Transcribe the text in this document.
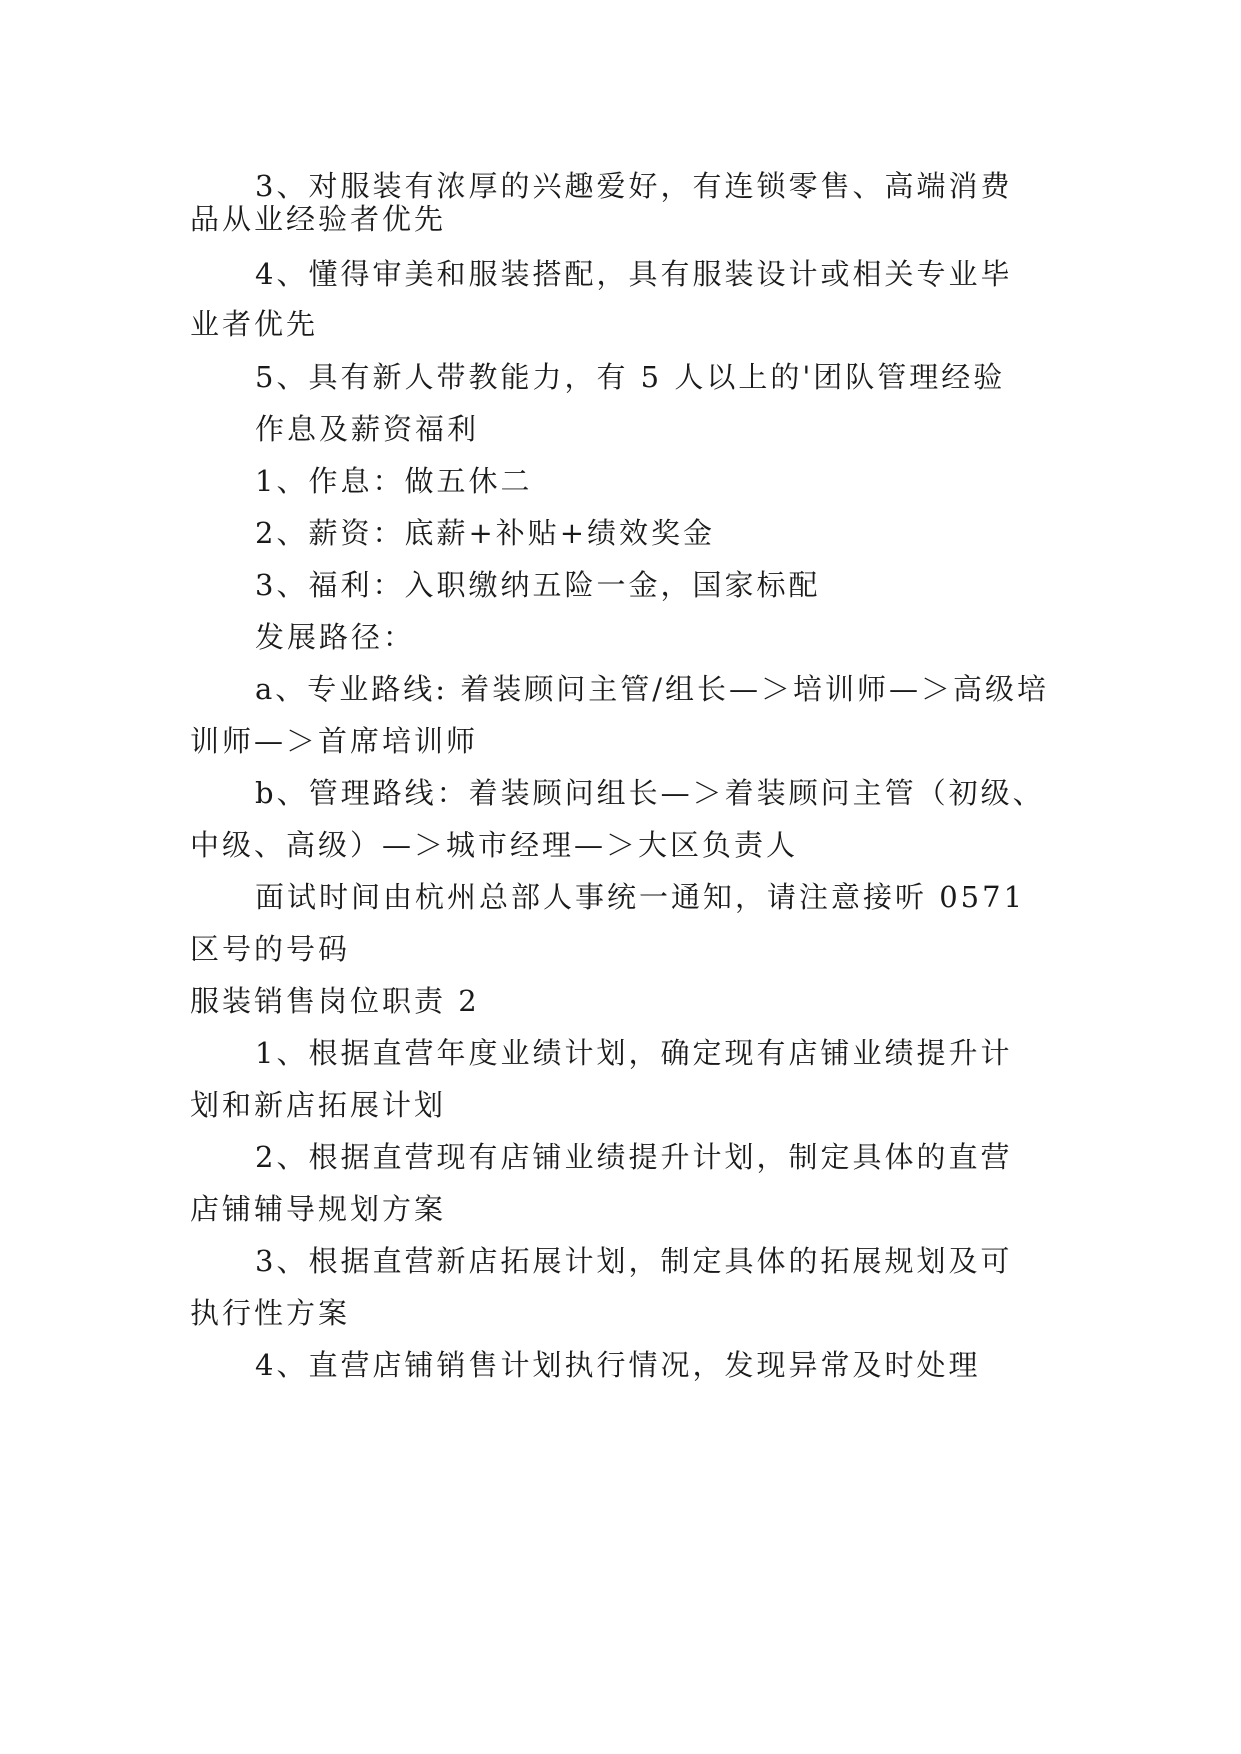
3、对服装有浓厚的兴趣爱好，有连锁零售、高端消费
品从业经验者优先
4、懂得审美和服装搭配，具有服装设计或相关专业毕
业者优先
5、具有新人带教能力，有 5 人以上的'团队管理经验
作息及薪资福利
1、作息：做五休二
2、薪资：底薪+补贴+绩效奖金
3、福利：入职缴纳五险一金，国家标配
发展路径：
a、专业路线: 着装顾问主管/组长—＞培训师—＞高级培
训师—＞首席培训师
b、管理路线：着装顾问组长—＞着装顾问主管（初级、
中级、高级）—＞城市经理—＞大区负责人
面试时间由杭州总部人事统一通知，请注意接听 0571
区号的号码
服装销售岗位职责 2
1、根据直营年度业绩计划，确定现有店铺业绩提升计
划和新店拓展计划
2、根据直营现有店铺业绩提升计划，制定具体的直营
店铺辅导规划方案
3、根据直营新店拓展计划，制定具体的拓展规划及可
执行性方案
4、直营店铺销售计划执行情况，发现异常及时处理
